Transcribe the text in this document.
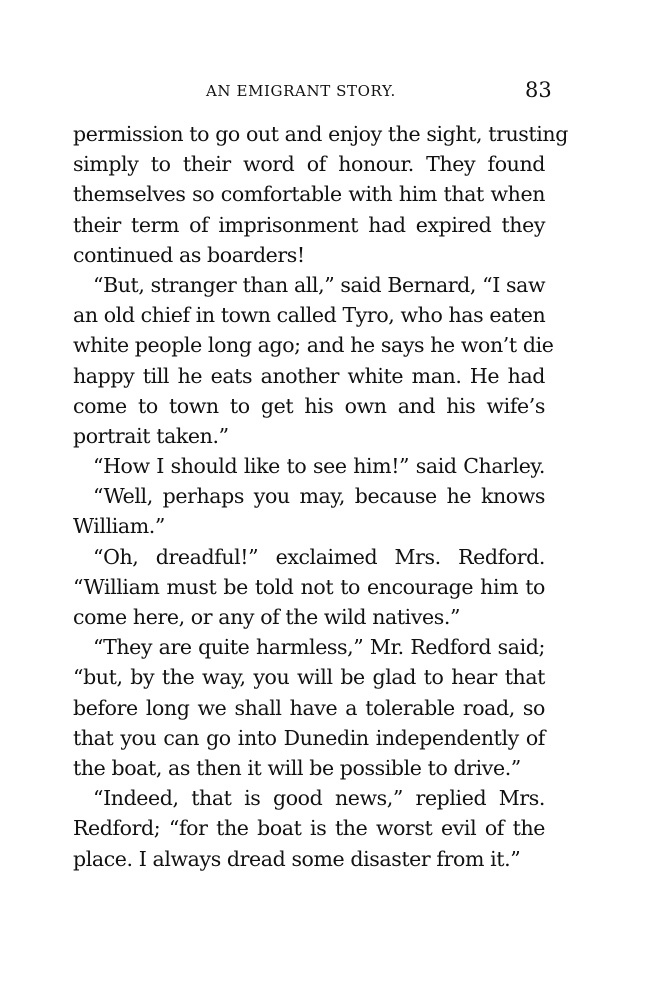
AN EMIGRANT STORY.	83
permission to go out and enjoy the sight, trusting
simply to their word of honour. They found
themselves so comfortable with him that when
their term of imprisonment had expired they
continued as boarders!
“But, stranger than all,” said Bernard, “I saw
an old chief in town called Tyro, who has eaten
white people long ago; and he says he won’t die
happy till he eats another white man. He had
come to town to get his own and his wife’s
portrait taken.”
“How I should like to see him!” said Charley.
“Well, perhaps you may, because he knows
William.”
“Oh, dreadful!” exclaimed Mrs. Redford.
“William must be told not to encourage him to
come here, or any of the wild natives.”
“They are quite harmless,” Mr. Redford said;
“but, by the way, you will be glad to hear that
before long we shall have a tolerable road, so
that you can go into Dunedin independently of
the boat, as then it will be possible to drive.”
“Indeed, that is good news,” replied Mrs.
Redford; “for the boat is the worst evil of the
place. I always dread some disaster from it.”
